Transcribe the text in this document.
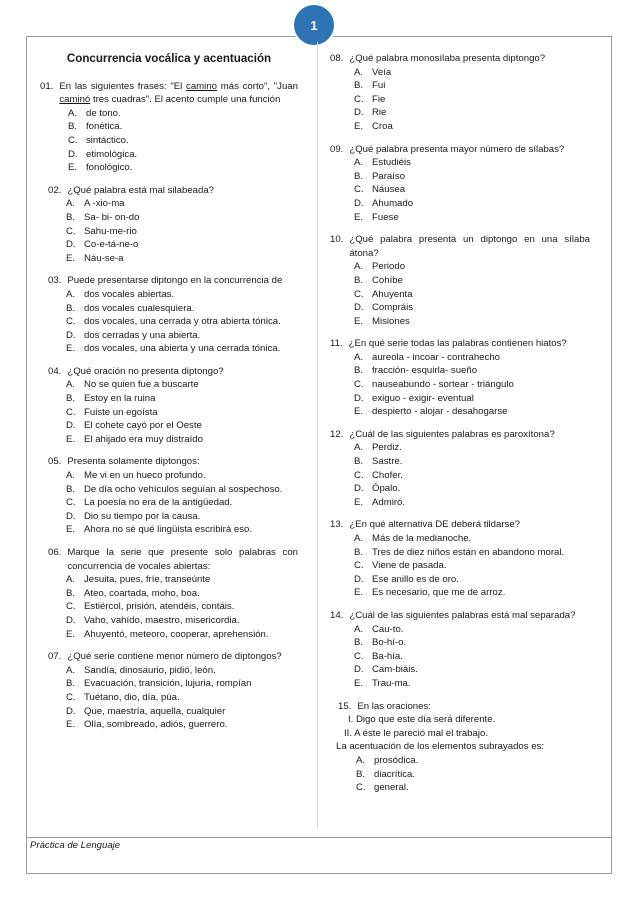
1
Concurrencia vocálica y acentuación
01. En las siguientes frases: "El camino más corto", "Juan caminó tres cuadras". El acento cumple una función
A. de tono.
B. fonética.
C. sintáctico.
D. etimológica.
E. fonológico.
02. ¿Qué palabra está mal silabeada?
A. A -xio-ma
B. Sa- bi- on-do
C. Sahu-me-rio
D. Co-e-tá-ne-o
E. Náu-se-a
03. Puede presentarse diptongo en la concurrencia de
A. dos vocales abiertas.
B. dos vocales cualesquiera.
C. dos vocales, una cerrada y otra abierta tónica.
D. dos cerradas y una abierta.
E. dos vocales, una abierta y una cerrada tónica.
04. ¿Qué oración no presenta diptongo?
A. No se quien fue a buscarte
B. Estoy en la ruina
C. Fuiste un egoísta
D. El cohete cayó por el Oeste
E. El ahijado era muy distraído
05. Presenta solamente diptongos:
A. Me vi en un hueco profundo.
B. De día ocho vehículos seguían al sospechoso.
C. La poesía no era de la antigüedad.
D. Dio su tiempo por la causa.
E. Ahora no sé qué lingüista escribirá eso.
06. Marque la serie que presente solo palabras con concurrencia de vocales abiertas:
A. Jesuita, pues, fríe, transeúnte
B. Ateo, coartada, moho, boa.
C. Estiércol, prisión, atendéis, contáis.
D. Vaho, vahído, maestro, misericordia.
E. Ahuyentó, meteoro, cooperar, aprehensión.
07. ¿Qué serie contiene menor número de diptongos?
A. Sandía, dinosaurio, pidió, león.
B. Evacuación, transición, lujuria, rompían
C. Tuétano, dio, día, púa.
D. Que, maestría, aquella, cualquier
E. Olía, sombreado, adiós, guerrero.
08. ¿Qué palabra monosílaba presenta diptongo?
A. Veía
B. Fui
C. Fie
D. Rie
E. Croa
09. ¿Qué palabra presenta mayor número de sílabas?
A. Estudiéis
B. Paraíso
C. Náusea
D. Ahumado
E. Fuese
10. ¿Qué palabra presenta un diptongo en una sílaba átona?
A. Periodo
B. Cohíbe
C. Ahuyenta
D. Compráis
E. Misiones
11. ¿En qué serie todas las palabras contienen hiatos?
A. aureola - incoar - contrahecho
B. fracción- esquirla- sueño
C. nauseabundo - sortear - triángulo
D. exiguo - exigir- eventual
E. despierto - alojar - desahogarse
12. ¿Cuál de las siguientes palabras es paroxítona?
A. Perdiz.
B. Sastre.
C. Chofer.
D. Ópalo.
E. Admiró.
13. ¿En qué alternativa DE deberá tildarse?
A. Más de la medianoche.
B. Tres de diez niños están en abandono moral.
C. Viene de pasada.
D. Ese anillo es de oro.
E. Es necesario, que me de arroz.
14. ¿Cuál de las siguientes palabras está mal separada?
A. Cau-to.
B. Bo-hí-o.
C. Ba-hía.
D. Cam-biáis.
E. Trau-ma.
15. En las oraciones:
I. Digo que este día será diferente.
II. A éste le pareció mal el trabajo.
La acentuación de los elementos subrayados es:
A. prosódica.
B. diacrítica.
C. general.
Práctica de Lenguaje
